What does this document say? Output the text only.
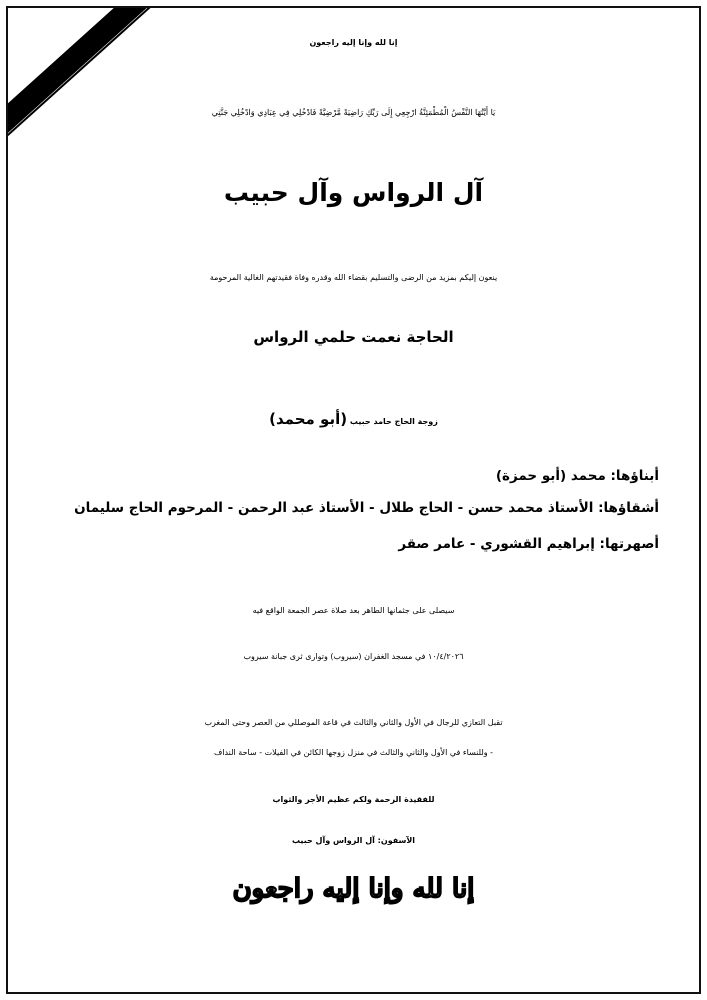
إنا لله وإنا إليه راجعون
يَا أَيَّتُهَا النَّفْسُ الْمُطْمَئِنَّةُ ارْجِعِي إِلَى رَبِّكِ رَاضِيَةً مَّرْضِيَّةً فَادْخُلِي فِي عِبَادِي وَادْخُلِي جَنَّتِي
آل الرواس وآل حبيب
ينعون إليكم بمزيد من الرضى والتسليم بقضاء الله وقدره وفاة فقيدتهم الغالية المرحومة
الحاجة نعمت حلمي الرواس
زوجة الحاج حامد حبيب (أبو محمد)
أبناؤها: محمد (أبو حمزة)
أشقاؤها: الأستاذ محمد حسن - الحاج طلال - الأستاذ عبد الرحمن - المرحوم الحاج سليمان
أصهرتها: إبراهيم القشوري - عامر صقر
سيصلى على جثمانها الطاهر بعد صلاة عصر الجمعة الواقع فيه
١٠/٤/٢٠٢٦ في مسجد الغفران (سيروب) وتوارى ثرى جبانة سيروب
تقبل التعازي للرجال في الأول والثاني والثالث في قاعة الموصللي من العصر وحتى المغرب
- وللنساء في الأول والثاني والثالث في منزل زوجها الكائن في الفيلات - ساحة النداف
للفقيدة الرحمة ولكم عظيم الأجر والثواب
الآسفون: آل الرواس وآل حبيب
إنا لله وإنا إليه راجعون
